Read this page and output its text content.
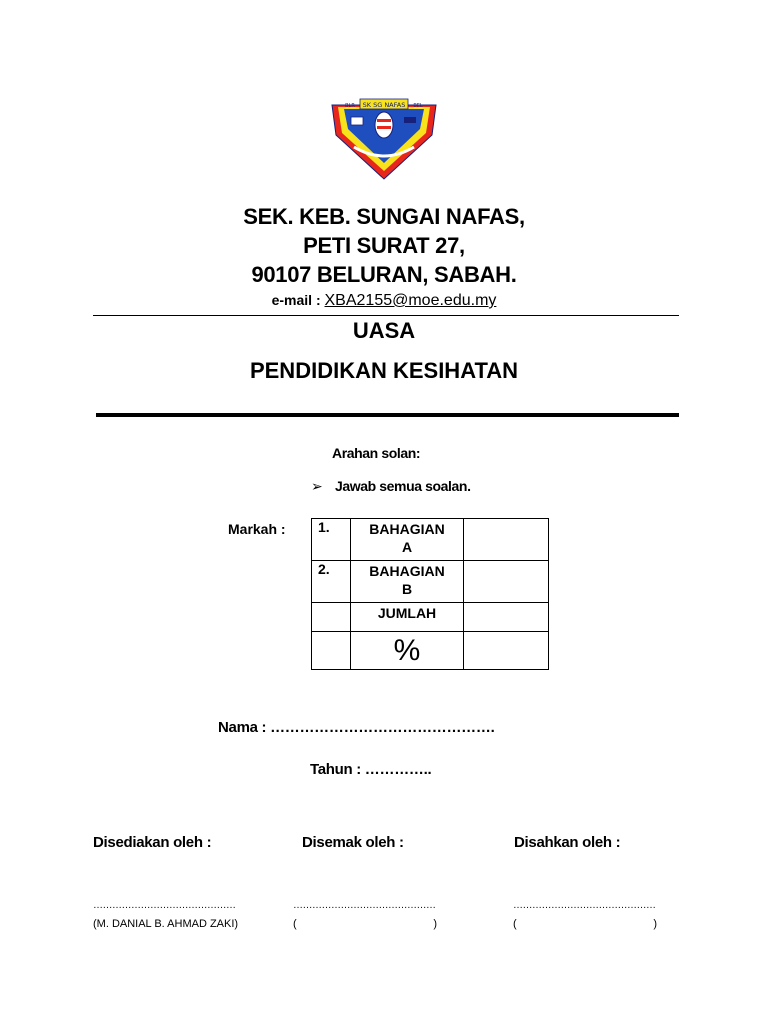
SK SG NAFAS
BLR	BEL
SEK. KEB. SUNGAI NAFAS,
PETI SURAT 27,
90107 BELURAN, SABAH.
e-mail : XBA2155@moe.edu.my
UASA
PENDIDIKAN KESIHATAN
Arahan solan:
➢ Jawab semua soalan.
Markah : 1.	BAHAGIAN
A	

2.	BAHAGIAN
B	

	JUMLAH	

	%	
Nama : ……………………………………….
Tahun : …………..
Disediakan oleh :	Disemak oleh :	Disahkan oleh :
………………………………………	………………………………………	………………………………………
(M. DANIAL B. AHMAD ZAKI)	(	)	(	)
